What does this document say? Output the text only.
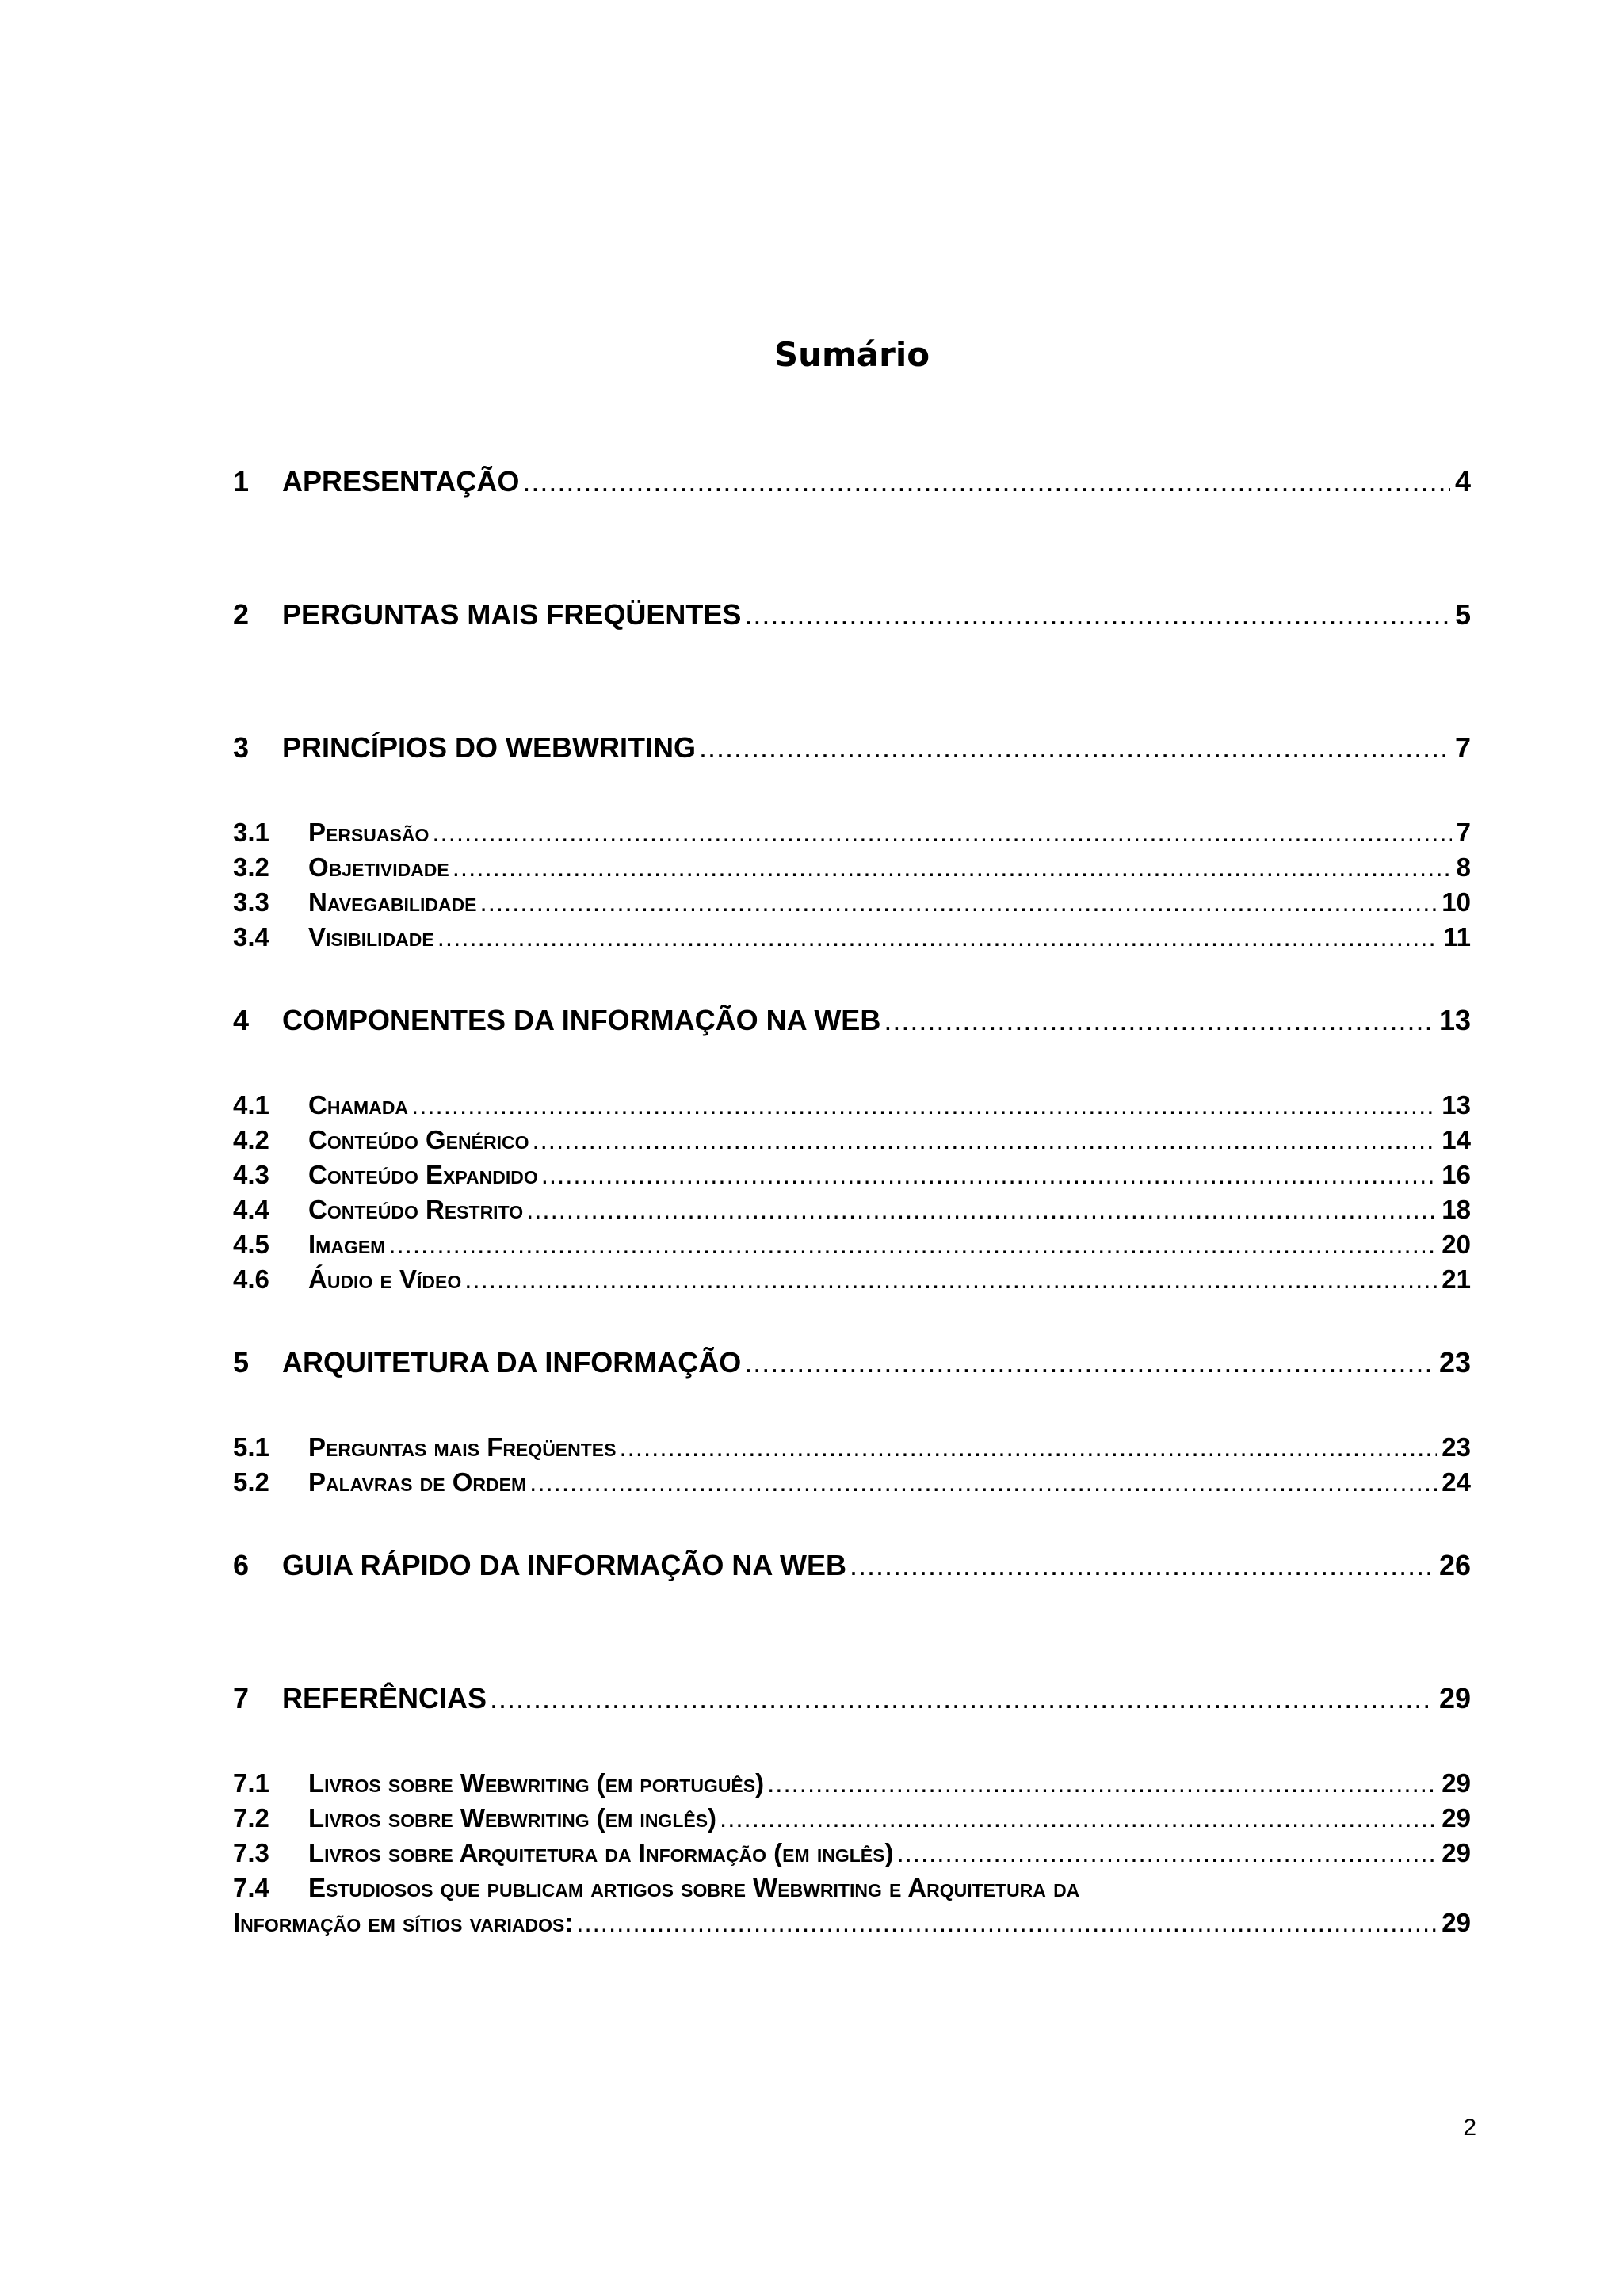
Sumário
1	APRESENTAÇÃO .....	4
2	PERGUNTAS MAIS FREQÜENTES .....	5
3	PRINCÍPIOS DO WEBWRITING .....	7
3.1	Persuasão .....	7
3.2	Objetividade .....	8
3.3	Navegabilidade .....	10
3.4	Visibilidade .....	11
4	COMPONENTES DA INFORMAÇÃO NA WEB .....	13
4.1	Chamada .....	13
4.2	Conteúdo Genérico .....	14
4.3	Conteúdo Expandido .....	16
4.4	Conteúdo Restrito .....	18
4.5	Imagem .....	20
4.6	Áudio e Vídeo .....	21
5	ARQUITETURA DA INFORMAÇÃO .....	23
5.1	Perguntas mais Freqüentes .....	23
5.2	Palavras de Ordem .....	24
6	GUIA RÁPIDO DA INFORMAÇÃO NA WEB .....	26
7	REFERÊNCIAS .....	29
7.1	Livros sobre Webwriting (em português) .....	29
7.2	Livros sobre Webwriting (em inglês) .....	29
7.3	Livros sobre Arquitetura da Informação (em inglês) .....	29
7.4 Estudiosos que publicam artigos sobre Webwriting e Arquitetura da
Informação em sítios variados: .....	29
2
